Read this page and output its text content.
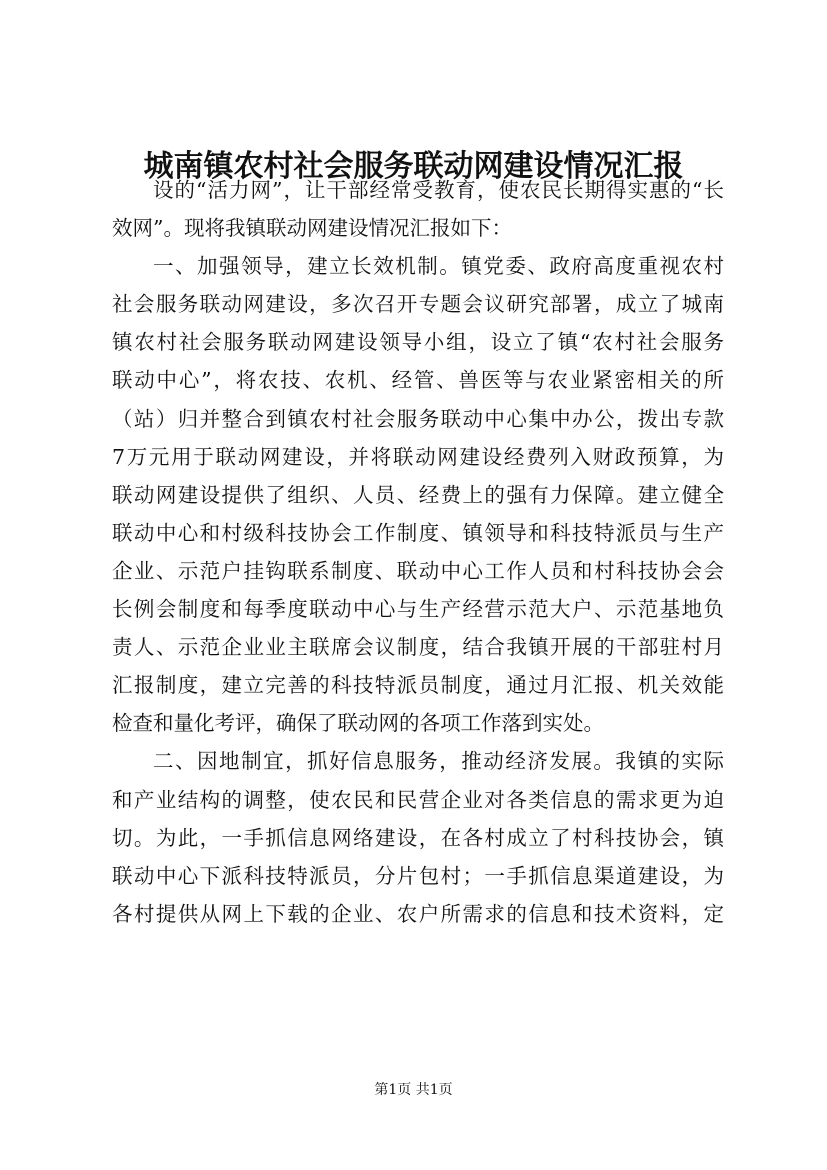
城南镇农村社会服务联动网建设情况汇报
设的“活力网”，让干部经常受教育，使农民长期得实惠的“长
效网”。现将我镇联动网建设情况汇报如下：
一、加强领导，建立长效机制。镇党委、政府高度重视农村
社会服务联动网建设，多次召开专题会议研究部署，成立了城南
镇农村社会服务联动网建设领导小组，设立了镇“农村社会服务
联动中心”，将农技、农机、经管、兽医等与农业紧密相关的所
（站）归并整合到镇农村社会服务联动中心集中办公，拨出专款
7万元用于联动网建设，并将联动网建设经费列入财政预算，为
联动网建设提供了组织、人员、经费上的强有力保障。建立健全
联动中心和村级科技协会工作制度、镇领导和科技特派员与生产
企业、示范户挂钩联系制度、联动中心工作人员和村科技协会会
长例会制度和每季度联动中心与生产经营示范大户、示范基地负
责人、示范企业业主联席会议制度，结合我镇开展的干部驻村月
汇报制度，建立完善的科技特派员制度，通过月汇报、机关效能
检查和量化考评，确保了联动网的各项工作落到实处。
二、因地制宜，抓好信息服务，推动经济发展。我镇的实际
和产业结构的调整，使农民和民营企业对各类信息的需求更为迫
切。为此，一手抓信息网络建设，在各村成立了村科技协会，镇
联动中心下派科技特派员，分片包村；一手抓信息渠道建设，为
各村提供从网上下载的企业、农户所需求的信息和技术资料，定
第1页 共1页
